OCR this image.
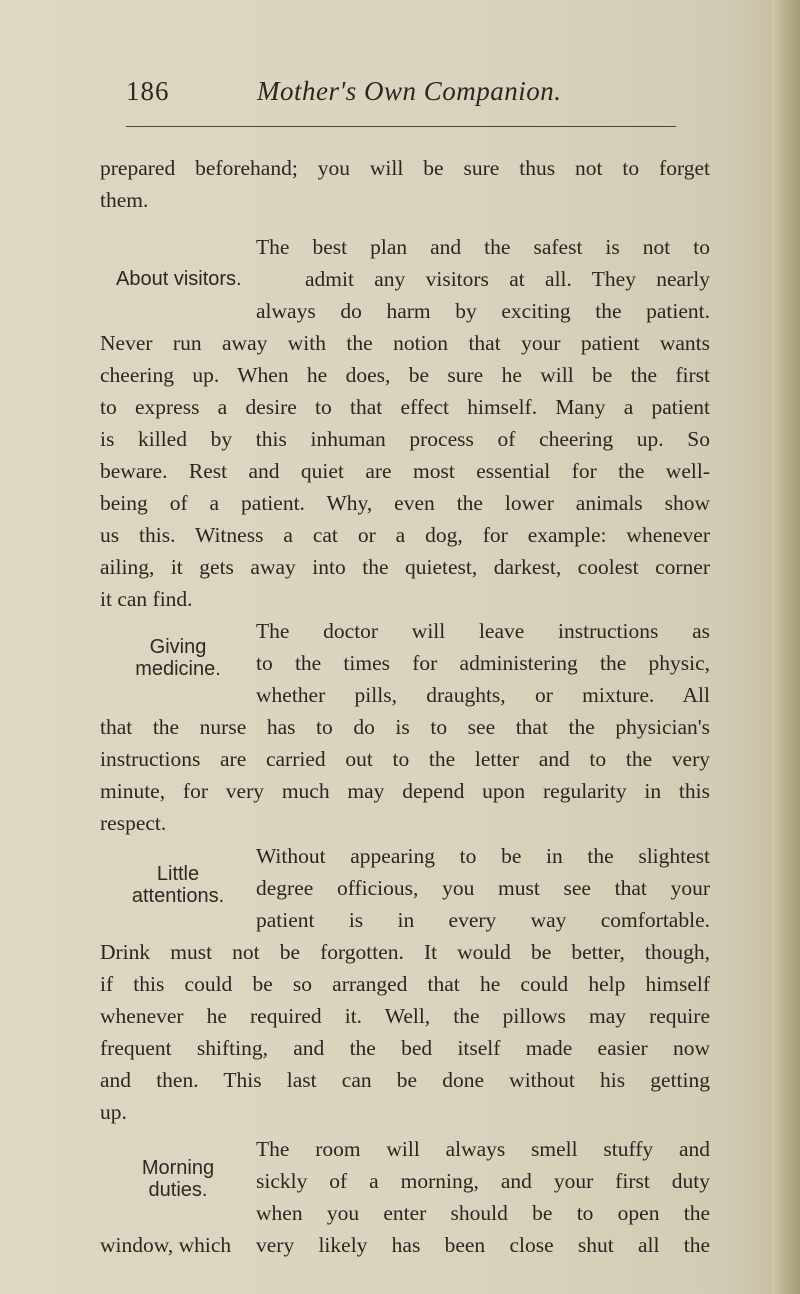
186	Mother's Own Companion.
prepared beforehand; you will be sure thus not to forget
them.
The best plan and the safest is not to
About visitors.	admit any visitors at all. They nearly
always do harm by exciting the patient.
Never run away with the notion that your patient wants
cheering up. When he does, be sure he will be the first
to express a desire to that effect himself. Many a patient
is killed by this inhuman process of cheering up. So
beware. Rest and quiet are most essential for the well-
being of a patient. Why, even the lower animals show
us this. Witness a cat or a dog, for example: whenever
ailing, it gets away into the quietest, darkest, coolest corner
it can find.
Giving
medicine.
The doctor will leave instructions as
to the times for administering the physic,
whether pills, draughts, or mixture. All
that the nurse has to do is to see that the physician's
instructions are carried out to the letter and to the very
minute, for very much may depend upon regularity in this
respect.
Little
attentions.
Without appearing to be in the slightest
degree officious, you must see that your
patient is in every way comfortable.
Drink must not be forgotten. It would be better, though,
if this could be so arranged that he could help himself
whenever he required it. Well, the pillows may require
frequent shifting, and the bed itself made easier now
and then. This last can be done without his getting
up.
Morning
duties.
The room will always smell stuffy and
sickly of a morning, and your first duty
when you enter should be to open the
window, which very likely has been close shut all the
